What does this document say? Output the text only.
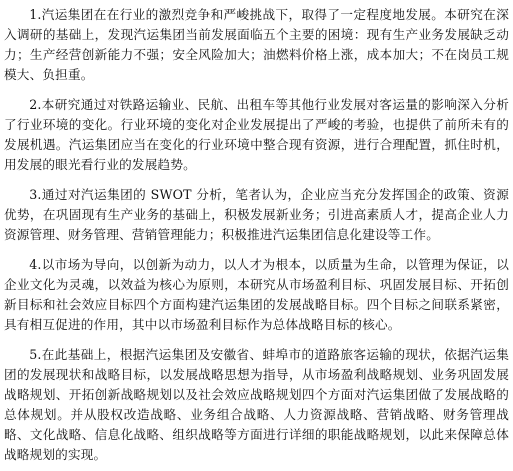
1.汽运集团在在行业的激烈竞争和严峻挑战下，取得了一定程度地发展。本研究在深入调研的基础上，发现汽运集团当前发展面临五个主要的困境：现有生产业务发展缺乏动力；生产经营创新能力不强；安全风险加大；油燃料价格上涨，成本加大；不在岗员工规模大、负担重。

2.本研究通过对铁路运输业、民航、出租车等其他行业发展对客运量的影响深入分析了行业环境的变化。行业环境的变化对企业发展提出了严峻的考验，也提供了前所未有的发展机遇。汽运集团应当在变化的行业环境中整合现有资源，进行合理配置，抓住时机，用发展的眼光看行业的发展趋势。

3.通过对汽运集团的 SWOT 分析，笔者认为，企业应当充分发挥国企的政策、资源优势，在巩固现有生产业务的基础上，积极发展新业务；引进高素质人才，提高企业人力资源管理、财务管理、营销管理能力；积极推进汽运集团信息化建设等工作。

4.以市场为导向，以创新为动力，以人才为根本，以质量为生命，以管理为保证，以企业文化为灵魂，以效益为核心为原则，本研究从市场盈利目标、巩固发展目标、开拓创新目标和社会效应目标四个方面构建汽运集团的发展战略目标。四个目标之间联系紧密，具有相互促进的作用，其中以市场盈利目标作为总体战略目标的核心。

5.在此基础上，根据汽运集团及安徽省、蚌埠市的道路旅客运输的现状，依据汽运集团的发展现状和战略目标，以发展战略思想为指导，从市场盈利战略规划、业务巩固发展战略规划、开拓创新战略规划以及社会效应战略规划四个方面对汽运集团做了发展战略的总体规划。并从股权改造战略、业务组合战略、人力资源战略、营销战略、财务管理战略、文化战略、信息化战略、组织战略等方面进行详细的职能战略规划，以此来保障总体战略规划的实现。
